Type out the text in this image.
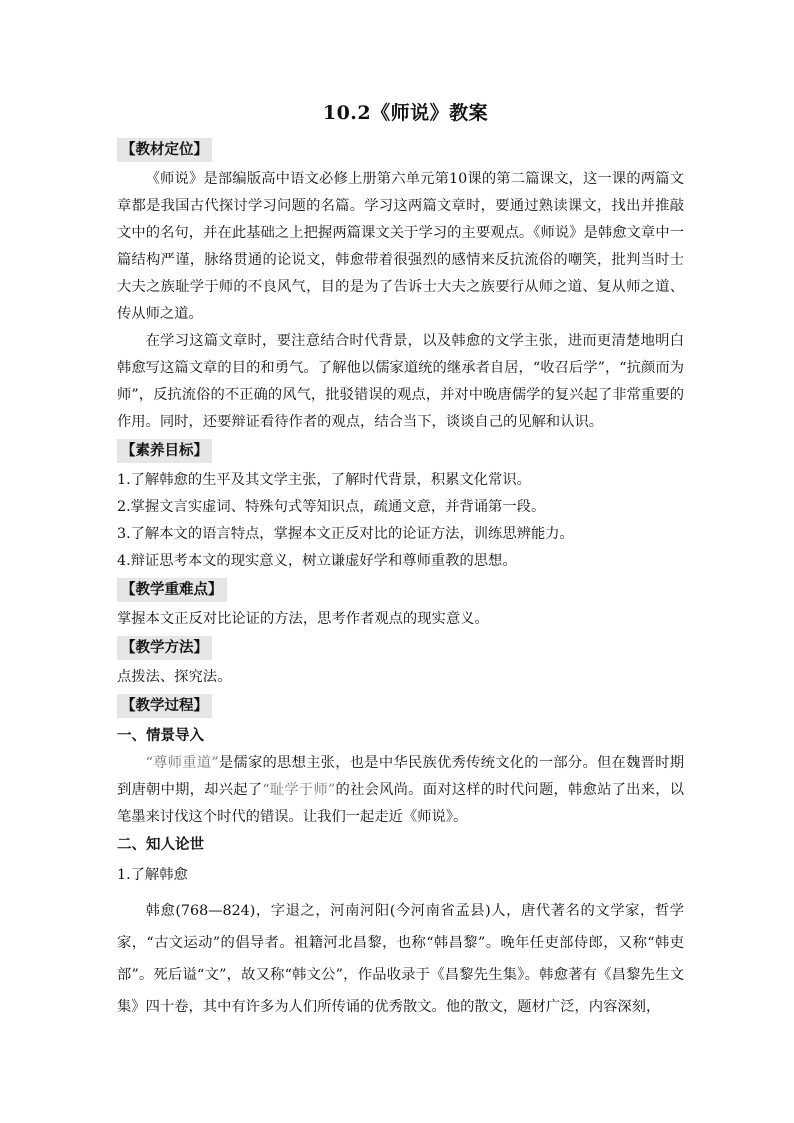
10.2《师说》教案
【教材定位】

《师说》是部编版高中语文必修上册第六单元第10课的第二篇课文，这一课的两篇文章都是我国古代探讨学习问题的名篇。学习这两篇文章时，要通过熟读课文，找出并推敲文中的名句，并在此基础之上把握两篇课文关于学习的主要观点。《师说》是韩愈文章中一篇结构严谨，脉络贯通的论说文，韩愈带着很强烈的感情来反抗流俗的嘲笑，批判当时士大夫之族耻学于师的不良风气，目的是为了告诉士大夫之族要行从师之道、复从师之道、传从师之道。

在学习这篇文章时，要注意结合时代背景，以及韩愈的文学主张，进而更清楚地明白韩愈写这篇文章的目的和勇气。了解他以儒家道统的继承者自居，“收召后学”，“抗颜而为师”，反抗流俗的不正确的风气，批驳错误的观点，并对中晚唐儒学的复兴起了非常重要的作用。同时，还要辩证看待作者的观点，结合当下，谈谈自己的见解和认识。

【素养目标】

1.了解韩愈的生平及其文学主张，了解时代背景，积累文化常识。

2.掌握文言实虚词、特殊句式等知识点，疏通文意，并背诵第一段。

3.了解本文的语言特点，掌握本文正反对比的论证方法，训练思辨能力。

4.辩证思考本文的现实意义，树立谦虚好学和尊师重教的思想。

【教学重难点】

掌握本文正反对比论证的方法，思考作者观点的现实意义。

【教学方法】

点拨法、探究法。

【教学过程】
一、情景导入

“尊师重道”是儒家的思想主张，也是中华民族优秀传统文化的一部分。但在魏晋时期到唐朝中期，却兴起了“耻学于师”的社会风尚。面对这样的时代问题，韩愈站了出来，以笔墨来讨伐这个时代的错误。让我们一起走近《师说》。

二、知人论世

1.了解韩愈

韩愈(768—824)，字退之，河南河阳(今河南省孟县)人，唐代著名的文学家，哲学家，“古文运动”的倡导者。祖籍河北昌黎，也称“韩昌黎”。晚年任吏部侍郎，又称“韩吏部”。死后谥“文”，故又称“韩文公”，作品收录于《昌黎先生集》。韩愈著有《昌黎先生文集》四十卷，其中有许多为人们所传诵的优秀散文。他的散文，题材广泛，内容深刻，
